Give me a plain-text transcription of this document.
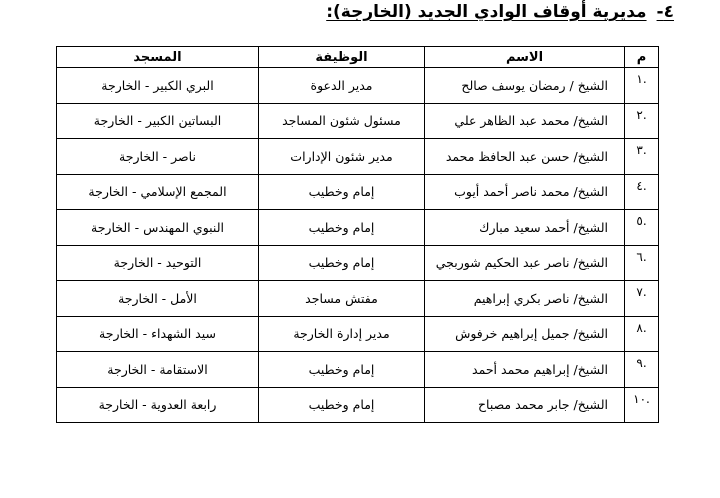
٤-مديرية أوقاف الوادي الجديد (الخارجة):
م	الاسم	الوظيفة	المسجد
.١	الشيخ / رمضان يوسف صالح	مدير الدعوة	البري الكبير - الخارجة
.٢	الشيخ/ محمد عبد الظاهر علي	مسئول شئون المساجد	البساتين الكبير - الخارجة
.٣	الشيخ/ حسن عبد الحافظ محمد	مدير شئون الإدارات	ناصر - الخارجة
.٤	الشيخ/ محمد ناصر أحمد أيوب	إمام وخطيب	المجمع الإسلامي - الخارجة
.٥	الشيخ/ أحمد سعيد مبارك	إمام وخطيب	النبوي المهندس - الخارجة
.٦	الشيخ/ ناصر عبد الحكيم شوربجي	إمام وخطيب	التوحيد - الخارجة
.٧	الشيخ/ ناصر بكري إبراهيم	مفتش مساجد	الأمل - الخارجة
.٨	الشيخ/ جميل إبراهيم خرفوش	مدير إدارة الخارجة	سيد الشهداء - الخارجة
.٩	الشيخ/ إبراهيم محمد أحمد	إمام وخطيب	الاستقامة - الخارجة
.١٠	الشيخ/ جابر محمد مصباح	إمام وخطيب	رابعة العدوية - الخارجة
